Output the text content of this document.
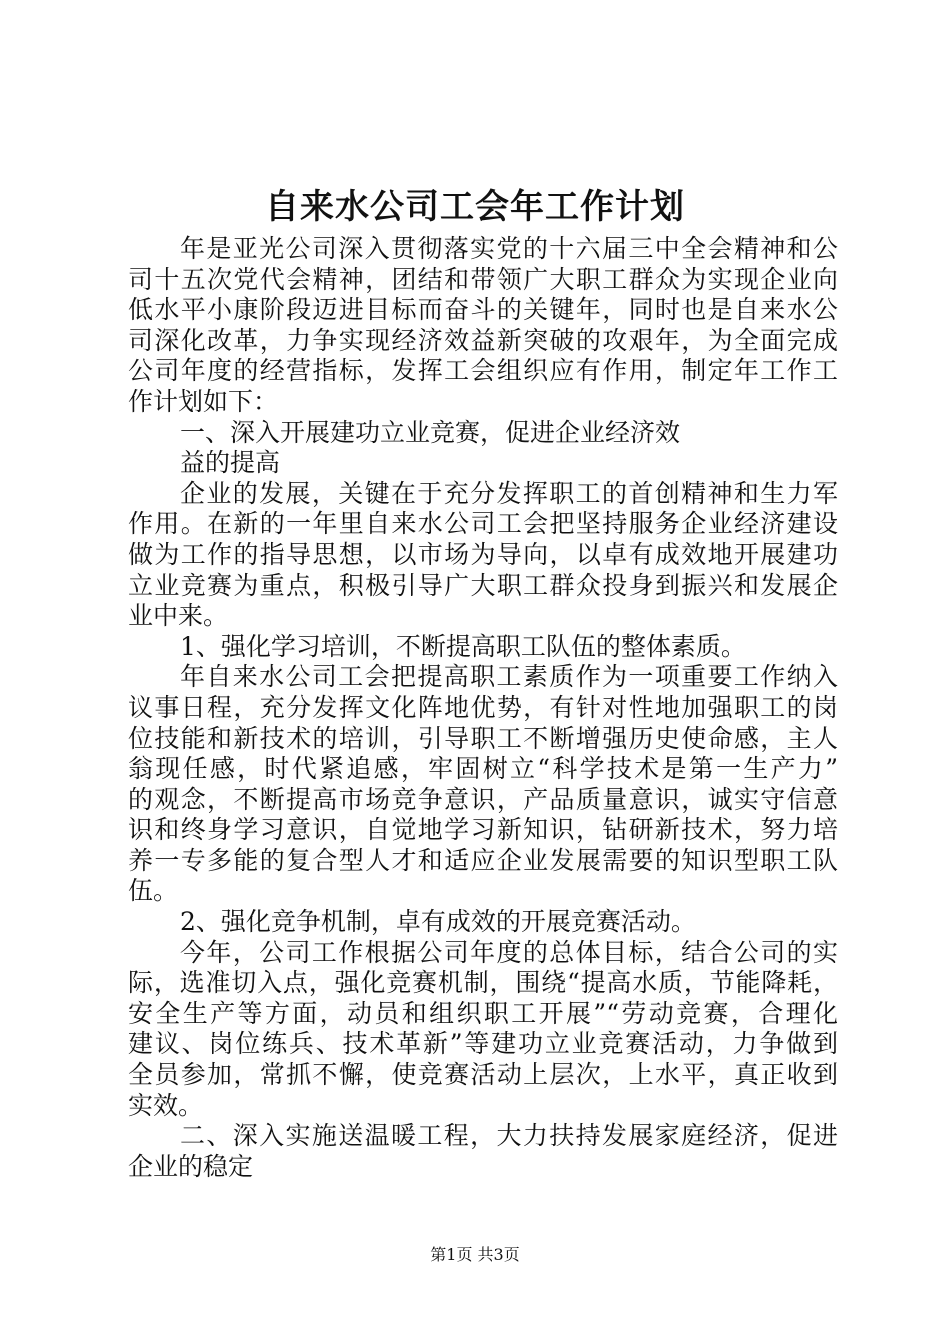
自来水公司工会年工作计划
年是亚光公司深入贯彻落实党的十六届三中全会精神和公
司十五次党代会精神，团结和带领广大职工群众为实现企业向
低水平小康阶段迈进目标而奋斗的关键年，同时也是自来水公
司深化改革，力争实现经济效益新突破的攻艰年，为全面完成
公司年度的经营指标，发挥工会组织应有作用，制定年工作工
作计划如下：
一、深入开展建功立业竞赛，促进企业经济效
益的提高
企业的发展，关键在于充分发挥职工的首创精神和生力军
作用。在新的一年里自来水公司工会把坚持服务企业经济建设
做为工作的指导思想，以市场为导向，以卓有成效地开展建功
立业竞赛为重点，积极引导广大职工群众投身到振兴和发展企
业中来。
1、强化学习培训，不断提高职工队伍的整体素质。
年自来水公司工会把提高职工素质作为一项重要工作纳入
议事日程，充分发挥文化阵地优势，有针对性地加强职工的岗
位技能和新技术的培训，引导职工不断增强历史使命感，主人
翁现任感，时代紧追感，牢固树立“科学技术是第一生产力”
的观念，不断提高市场竞争意识，产品质量意识，诚实守信意
识和终身学习意识，自觉地学习新知识，钻研新技术，努力培
养一专多能的复合型人才和适应企业发展需要的知识型职工队
伍。
2、强化竞争机制，卓有成效的开展竞赛活动。
今年，公司工作根据公司年度的总体目标，结合公司的实
际，选准切入点，强化竞赛机制，围绕“提高水质，节能降耗，
安全生产等方面，动员和组织职工开展”“劳动竞赛，合理化
建议、岗位练兵、技术革新”等建功立业竞赛活动，力争做到
全员参加，常抓不懈，使竞赛活动上层次，上水平，真正收到
实效。
二、深入实施送温暖工程，大力扶持发展家庭经济，促进
企业的稳定
第1页 共3页
